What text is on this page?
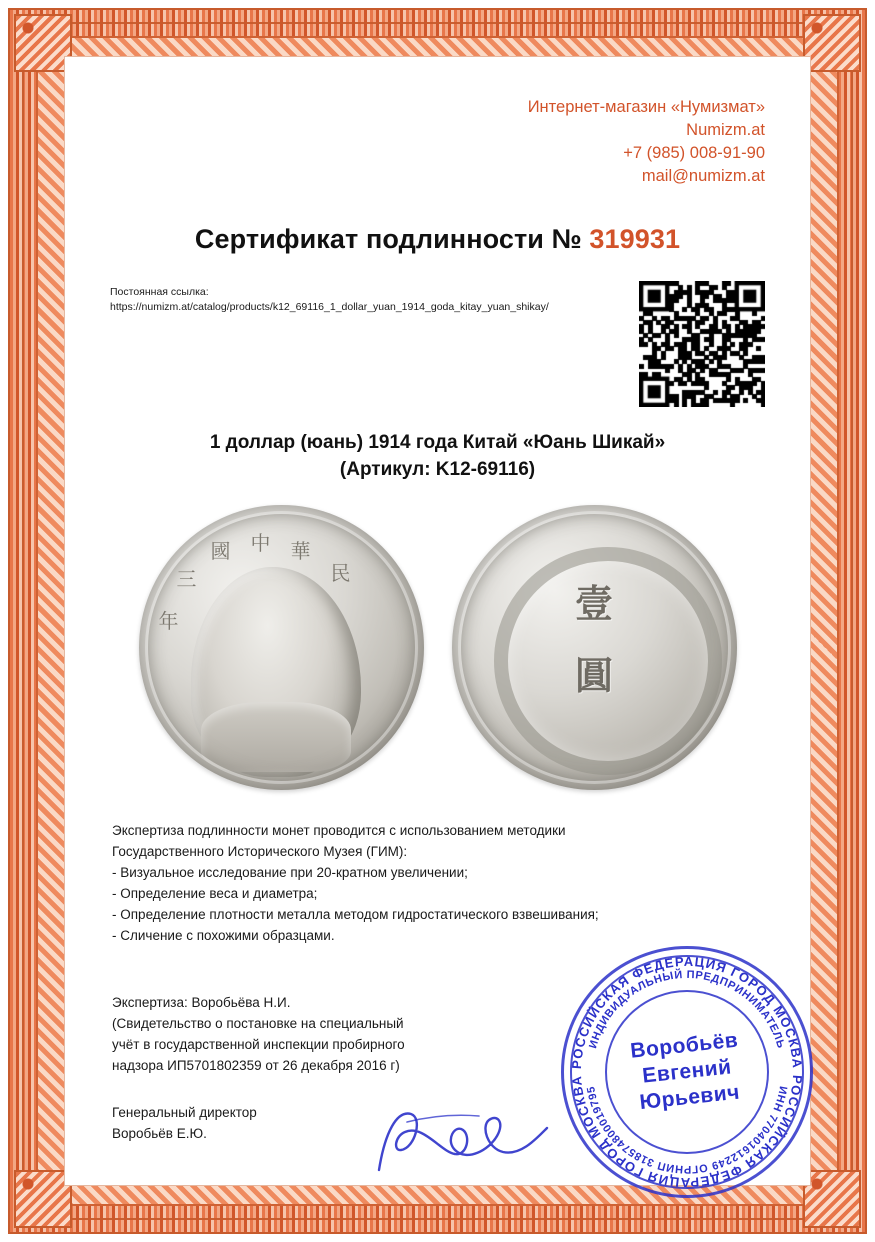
Интернет-магазин «Нумизмат»
Numizm.at
+7 (985) 008-91-90
mail@numizm.at
Сертификат подлинности № 319931
Постоянная ссылка:
https://numizm.at/catalog/products/k12_69116_1_dollar_yuan_1914_goda_kitay_yuan_shikay/
1 доллар (юань) 1914 года Китай «Юань Шикай»
(Артикул: K12-69116)
中 華
民
國
三
年	壹
圓

Экспертиза подлинности монет проводится с использованием методики

Государственного Исторического Музея (ГИМ):

- Визуальное исследование при 20-кратном увеличении;

- Определение веса и диаметра;

- Определение плотности металла методом гидростатического взвешивания;

- Сличение с похожими образцами.

Экспертиза: Воробьёва Н.И.

(Свидетельство о постановке на специальный

учёт в государственной инспекции пробирного

надзора ИП5701802359 от 26 декабря 2016 г)

Генеральный директор

Воробьёв Е.Ю.

РОССИЙСКАЯ ФЕДЕРАЦИЯ ГОРОД МОСКВА
ИНДИВИДУАЛЬНЫЙ ПРЕДПРИНИМАТЕЛЬ
РОССИЙСКАЯ ФЕДЕРАЦИЯ ГОРОД МОСКВА
ИНН 770401612249 ОГРНИП 318574800019795
Воробьёв
Евгений
Юрьевич
